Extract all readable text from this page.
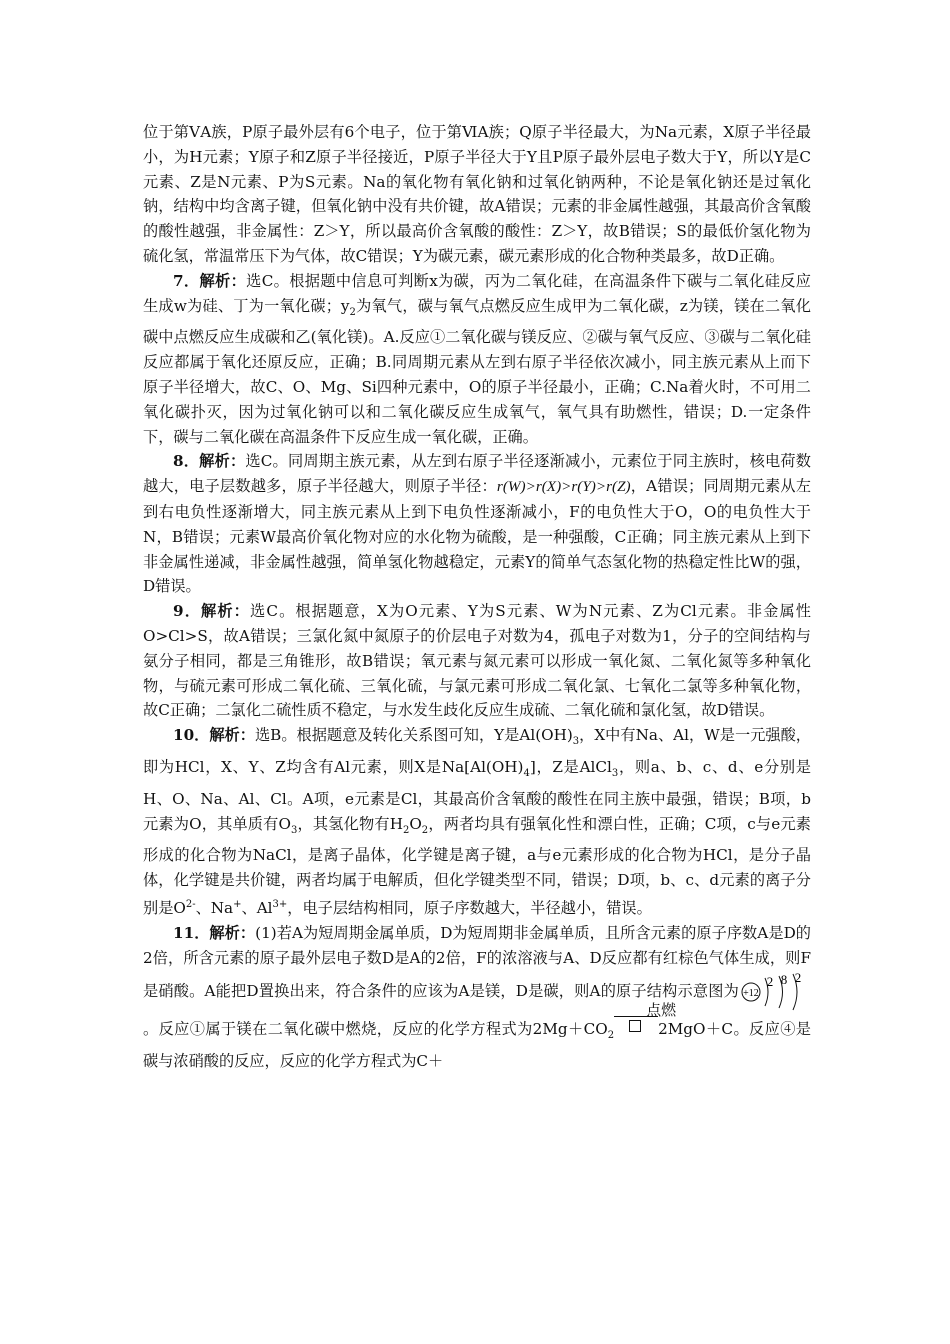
位于第ⅤA族，P原子最外层有6个电子，位于第ⅥA族；Q原子半径最大，为Na元素，X原子半径最小，为H元素；Y原子和Z原子半径接近，P原子半径大于Y且P原子最外层电子数大于Y，所以Y是C元素、Z是N元素、P为S元素。Na的氧化物有氧化钠和过氧化钠两种，不论是氧化钠还是过氧化钠，结构中均含离子键，但氧化钠中没有共价键，故A错误；元素的非金属性越强，其最高价含氧酸的酸性越强，非金属性：Z＞Y，所以最高价含氧酸的酸性：Z＞Y，故B错误；S的最低价氢化物为硫化氢，常温常压下为气体，故C错误；Y为碳元素，碳元素形成的化合物种类最多，故D正确。

7．解析：选C。根据题中信息可判断x为碳，丙为二氧化硅，在高温条件下碳与二氧化硅反应生成w为硅、丁为一氧化碳；$y_2$为氧气，碳与氧气点燃反应生成甲为二氧化碳，z为镁，镁在二氧化碳中点燃反应生成碳和乙(氧化镁)。A.反应①二氧化碳与镁反应、②碳与氧气反应、③碳与二氧化硅反应都属于氧化还原反应，正确；B.同周期元素从左到右原子半径依次减小，同主族元素从上而下原子半径增大，故C、O、Mg、Si四种元素中，O的原子半径最小，正确；C.Na着火时，不可用二氧化碳扑灭，因为过氧化钠可以和二氧化碳反应生成氧气，氧气具有助燃性，错误；D.一定条件下，碳与二氧化碳在高温条件下反应生成一氧化碳，正确。

8．解析：选C。同周期主族元素，从左到右原子半径逐渐减小，元素位于同主族时，核电荷数越大，电子层数越多，原子半径越大，则原子半径：r(W)>r(X)>r(Y)>r(Z)，A错误；同周期元素从左到右电负性逐渐增大，同主族元素从上到下电负性逐渐减小，F的电负性大于O，O的电负性大于N，B错误；元素W最高价氧化物对应的水化物为硫酸，是一种强酸，C正确；同主族元素从上到下非金属性递减，非金属性越强，简单氢化物越稳定，元素Y的简单气态氢化物的热稳定性比W的强，D错误。

9．解析：选C。根据题意，X为O元素、Y为S元素、W为N元素、Z为Cl元素。非金属性O>Cl>S，故A错误；三氯化氮中氮原子的价层电子对数为4，孤电子对数为1，分子的空间结构与氨分子相同，都是三角锥形，故B错误；氧元素与氮元素可以形成一氧化氮、二氧化氮等多种氧化物，与硫元素可形成二氧化硫、三氧化硫，与氯元素可形成二氧化氯、七氧化二氯等多种氧化物，故C正确；二氯化二硫性质不稳定，与水发生歧化反应生成硫、二氧化硫和氯化氢，故D错误。

10．解析：选B。根据题意及转化关系图可知，Y是$Al(OH)_3$，X中有Na、Al，W是一元强酸，即为HCl，X、Y、Z均含有Al元素，则X是$Na[Al(OH)_4]$，Z是AlCl$_3$，则a、b、c、d、e分别是H、O、Na、Al、Cl。A项，e元素是Cl，其最高价含氧酸的酸性在同主族中最强，错误；B项，b元素为O，其单质有$O_3$，其氢化物有$H_2O_2$，两者均具有强氧化性和漂白性，正确；C项，c与e元素形成的化合物为NaCl，是离子晶体，化学键是离子键，a与e元素形成的化合物为HCl，是分子晶体，化学键是共价键，两者均属于电解质，但化学键类型不同，错误；D项，b、c、d元素的离子分别是$O^{2-}$、Na+、$Al^{3+}$，电子层结构相同，原子序数越大，半径越小，错误。

11．解析：(1)若A为短周期金属单质，D为短周期非金属单质，且所含元素的原子序数A是D的2倍，所含元素的原子最外层电子数D是A的2倍，F的浓溶液与A、D反应都有红棕色气体生成，则F是硝酸。A能把D置换出来，符合条件的应该为A是镁，D是碳，则A的原子结构示意图为 +12
2 8 2
。反应①属于镁在二氧化碳中燃烧，反应的化学方程式为$2Mg+CO_2$
点燃
2MgO＋C。反应④是碳与浓硝酸的反应，反应的化学方程式为C＋
